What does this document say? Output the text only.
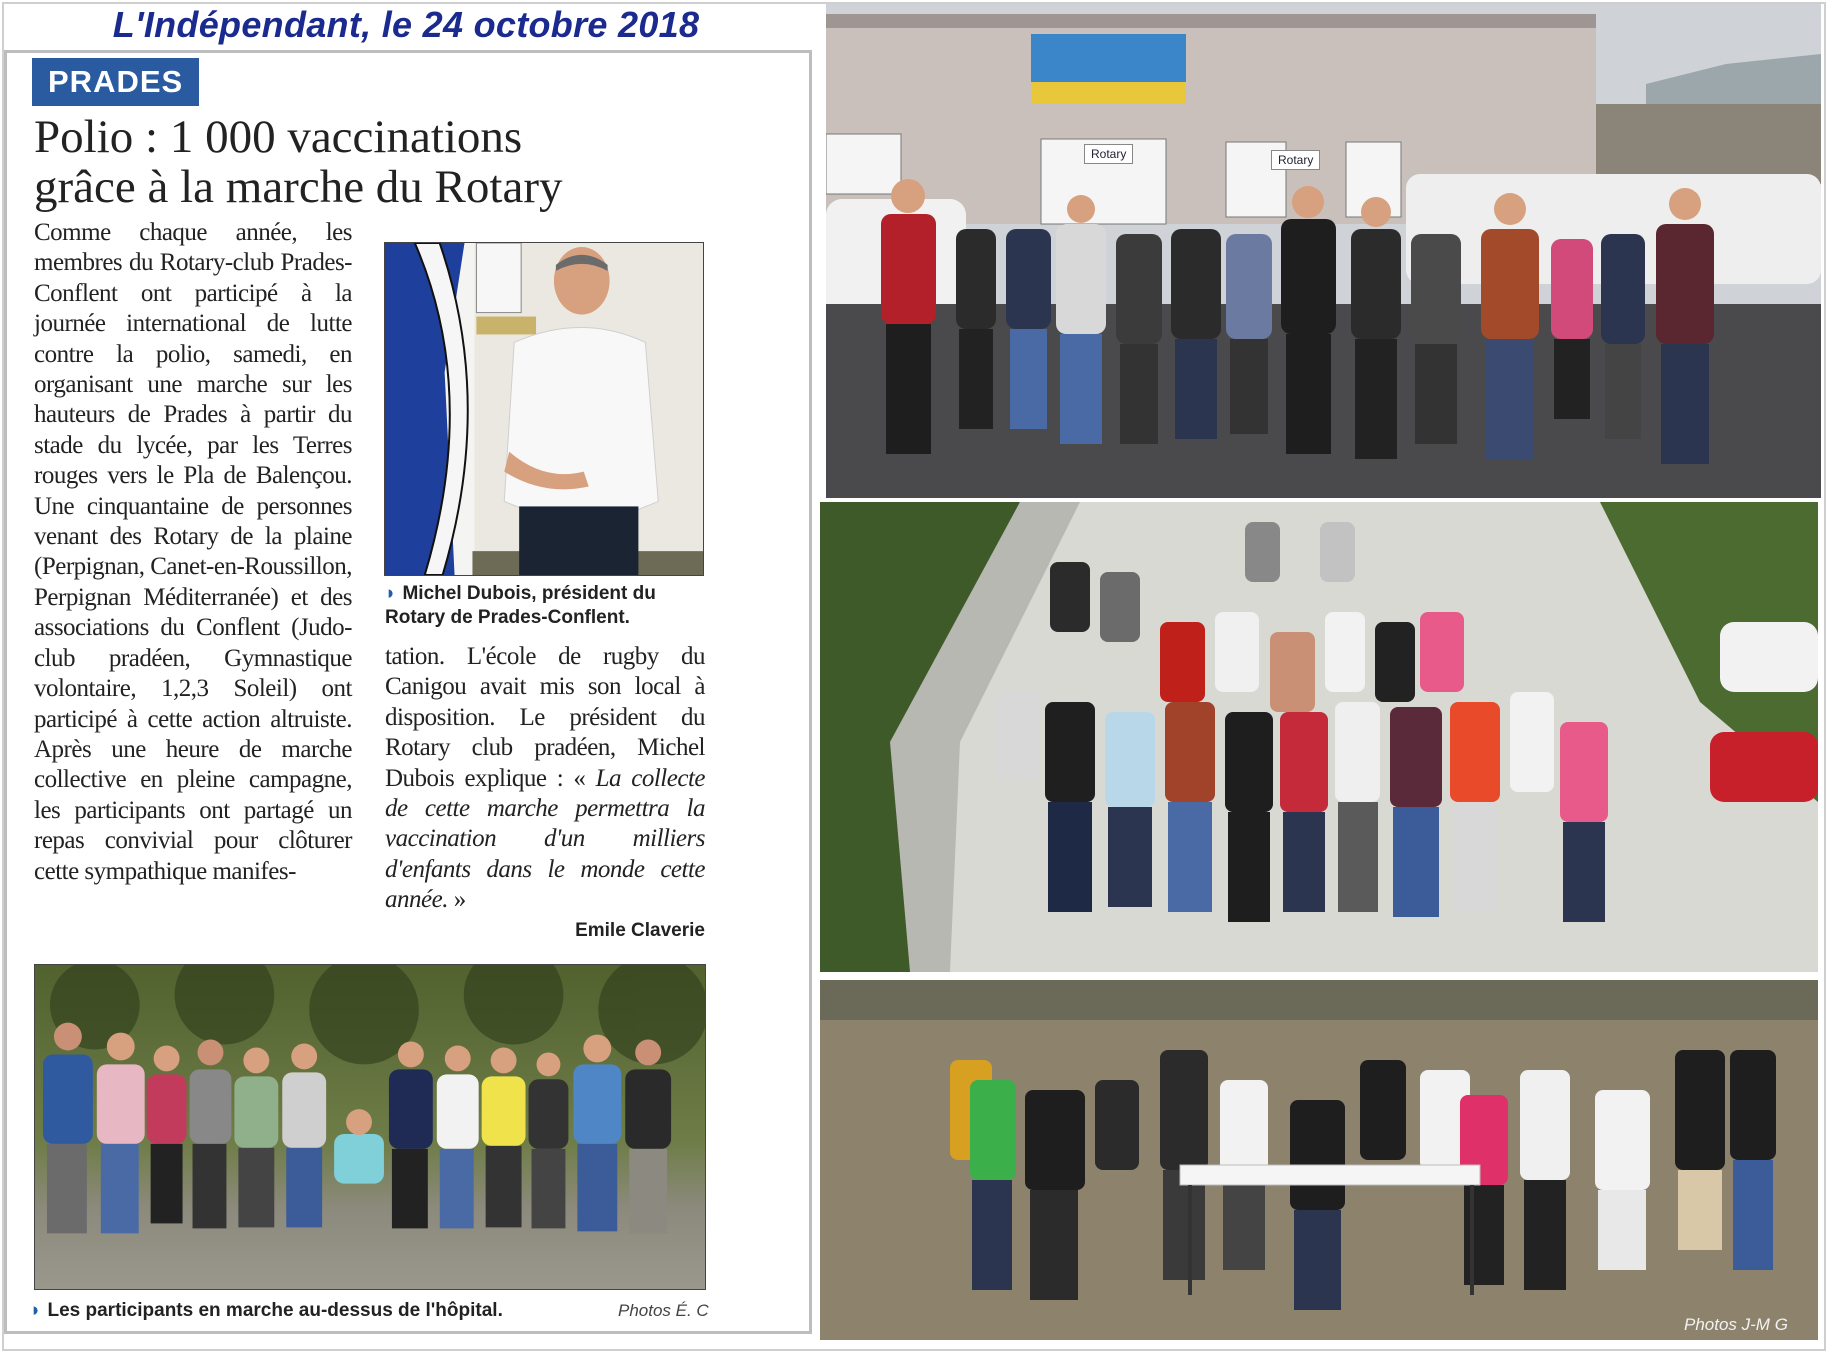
L'Indépendant, le 24 octobre 2018
PRADES
Polio : 1 000 vaccinations
grâce à la marche du Rotary

Comme chaque année, les membres du Rotary-club Prades-Conflent ont participé à la journée international de lutte contre la polio, samedi, en organisant une marche sur les hauteurs de Prades à partir du stade du lycée, par les Terres rouges vers le Pla de Balençou. Une cinquantaine de personnes venant des Rotary de la plaine (Perpignan, Canet-en-Roussillon, Perpignan Méditerranée) et des associations du Conflent (Judo-club pradéen, Gymnastique volontaire, 1,2,3 Soleil) ont participé à cette action altruiste. Après une heure de marche collective en pleine campagne, les participants ont partagé un repas convivial pour clôturer cette sympathique manifes-

◗ Michel Dubois, président du Rotary de Prades-Conflent.

tation. L'école de rugby du Canigou avait mis son local à disposition. Le président du Rotary club pradéen, Michel Dubois explique : « La collecte de cette marche permettra la vaccination d'un milliers d'enfants dans le monde cette année. »

Emile Claverie
◗ Les participants en marche au-dessus de l'hôpital.	Photos É. C
Rotary	Rotary
Photos J-M G
